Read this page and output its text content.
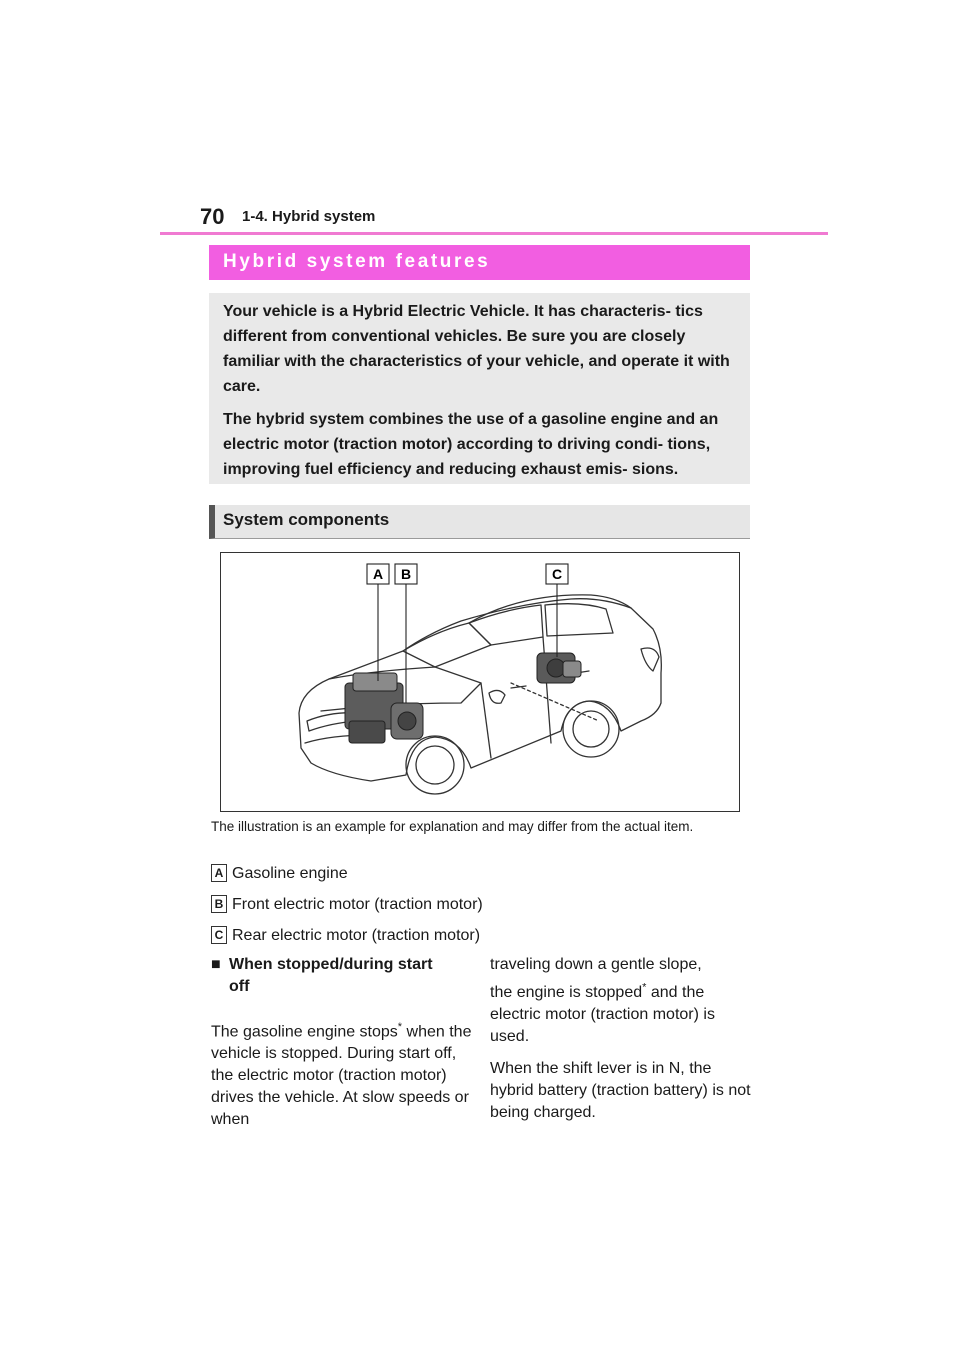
70 1-4. Hybrid system
Hybrid system features

Your vehicle is a Hybrid Electric Vehicle. It has characteris- tics different from conventional vehicles. Be sure you are closely familiar with the characteristics of your vehicle, and operate it with care.

The hybrid system combines the use of a gasoline engine and an electric motor (traction motor) according to driving condi- tions, improving fuel efficiency and reducing exhaust emis- sions.

System components
A B	C
The illustration is an example for explanation and may differ from the actual item.
A Gasoline engine
B Front electric motor (traction motor)
C Rear electric motor (traction motor)
■ When stopped/during start
off

The gasoline engine stops* when the vehicle is stopped. During start off, the electric motor (traction motor) drives the vehicle. At slow speeds or when

traveling down a gentle slope,
the engine is stopped* and the electric motor (traction motor) is used.

When the shift lever is in N, the hybrid battery (traction battery) is not being charged.
